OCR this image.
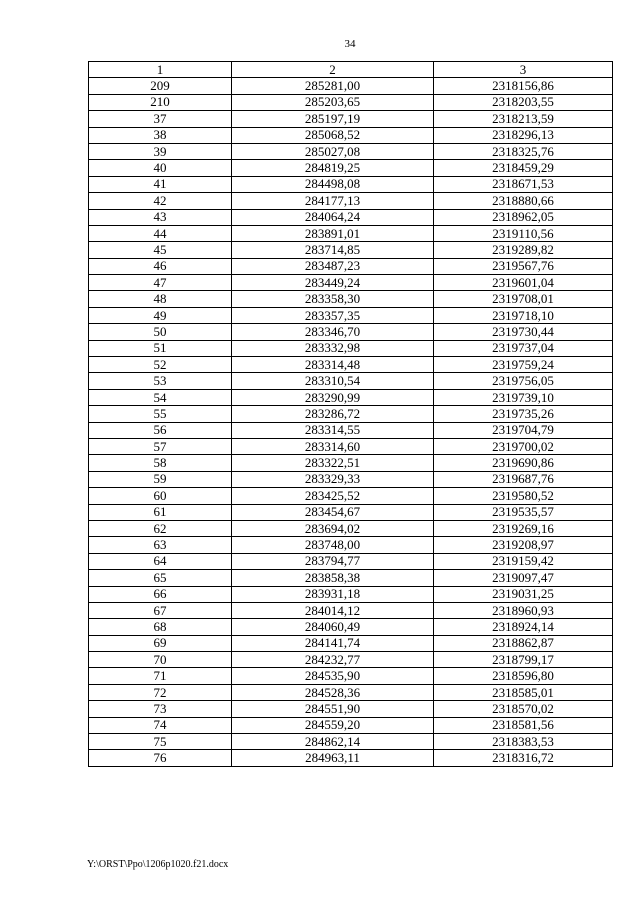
34
1	2	3
209	285281,00	2318156,86
210	285203,65	2318203,55
37	285197,19	2318213,59
38	285068,52	2318296,13
39	285027,08	2318325,76
40	284819,25	2318459,29
41	284498,08	2318671,53
42	284177,13	2318880,66
43	284064,24	2318962,05
44	283891,01	2319110,56
45	283714,85	2319289,82
46	283487,23	2319567,76
47	283449,24	2319601,04
48	283358,30	2319708,01
49	283357,35	2319718,10
50	283346,70	2319730,44
51	283332,98	2319737,04
52	283314,48	2319759,24
53	283310,54	2319756,05
54	283290,99	2319739,10
55	283286,72	2319735,26
56	283314,55	2319704,79
57	283314,60	2319700,02
58	283322,51	2319690,86
59	283329,33	2319687,76
60	283425,52	2319580,52
61	283454,67	2319535,57
62	283694,02	2319269,16
63	283748,00	2319208,97
64	283794,77	2319159,42
65	283858,38	2319097,47
66	283931,18	2319031,25
67	284014,12	2318960,93
68	284060,49	2318924,14
69	284141,74	2318862,87
70	284232,77	2318799,17
71	284535,90	2318596,80
72	284528,36	2318585,01
73	284551,90	2318570,02
74	284559,20	2318581,56
75	284862,14	2318383,53
76	284963,11	2318316,72
Y:\ORST\Ppo\1206p1020.f21.docx
